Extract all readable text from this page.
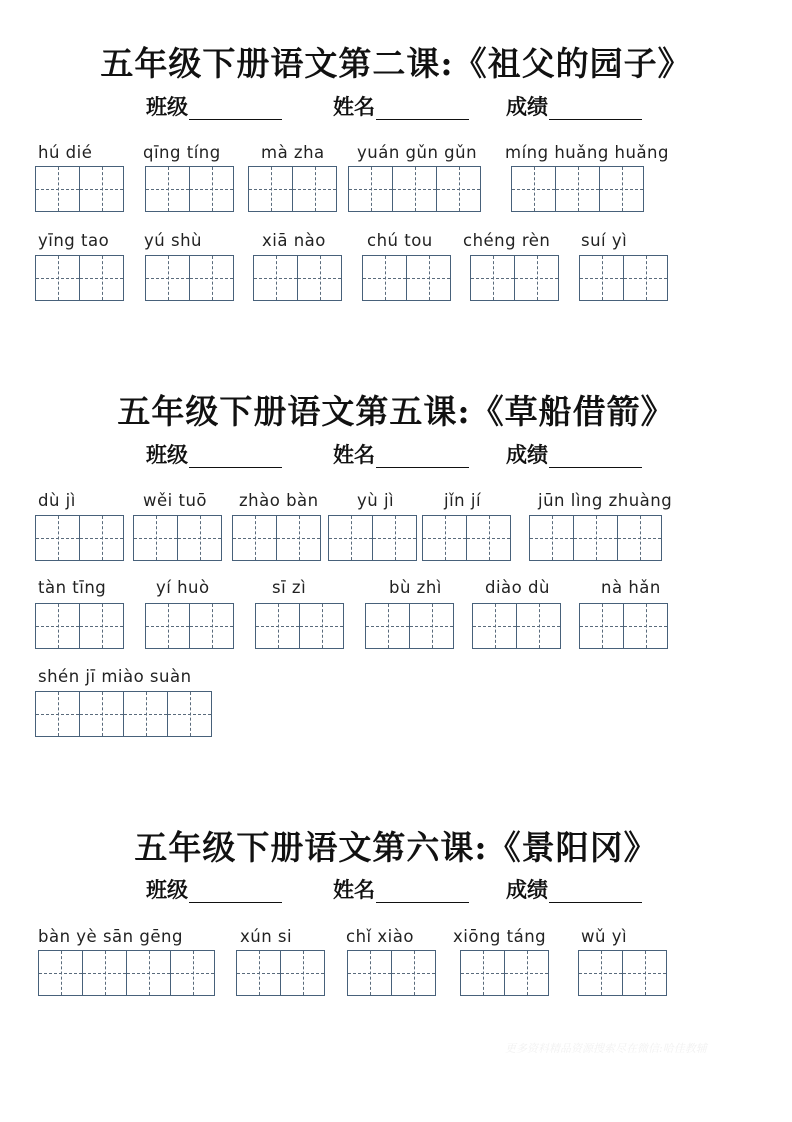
五年级下册语文第二课:《祖父的园子》
班级	姓名	成绩
hú dié	qīng tíng mà zha yuán gǔn gǔn míng huǎng huǎng
yīng tao yú shù	xiā nào chú tou chéng rèn suí yì
五年级下册语文第五课:《草船借箭》
班级	姓名	成绩
dù jì	wěi tuō zhào bàn yù jì	jǐn jí	jūn lìng zhuàng
tàn tīng	yí huò	sī zì	bù zhì	diào dù	nà hǎn
shén jī miào suàn
五年级下册语文第六课:《景阳冈》
班级	姓名	成绩
bàn yè sān gēng	xún si	chǐ xiào xiōng táng wǔ yì
更多资料精品资源搜索尽在微信:哈佳教辅
